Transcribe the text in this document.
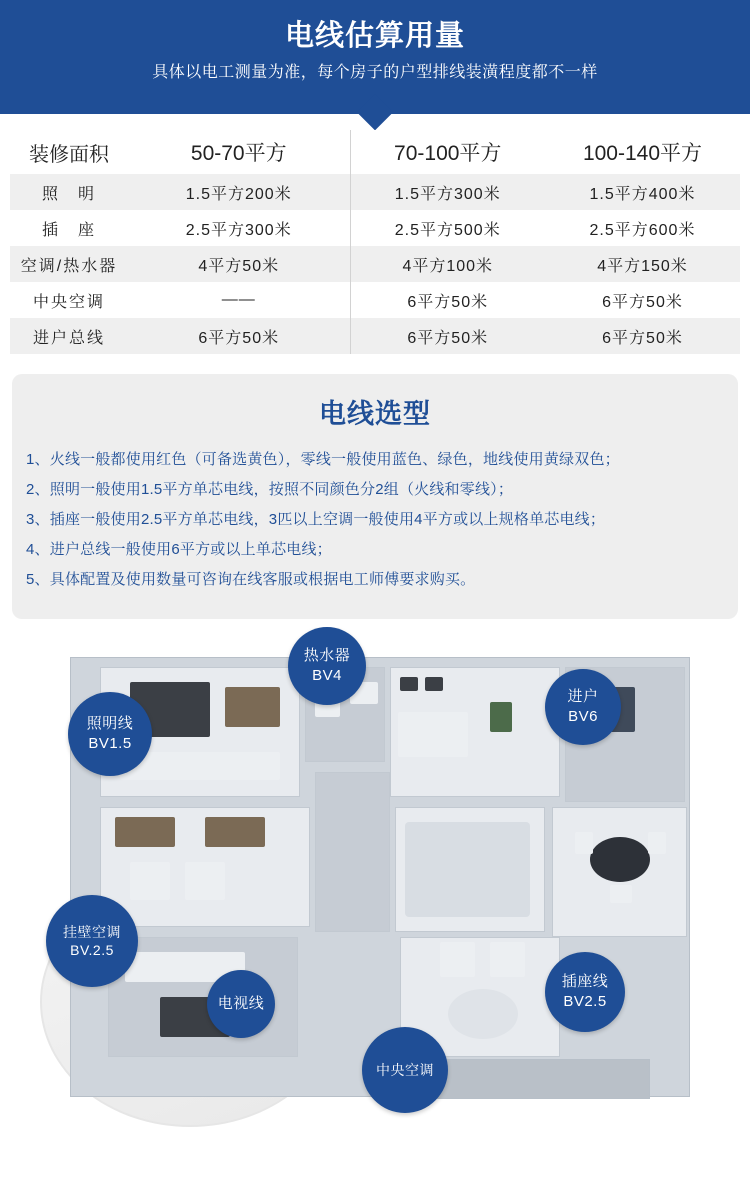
电线估算用量
具体以电工测量为准，每个房子的户型排线装潢程度都不一样
装修面积	50-70平方	70-100平方	100-140平方
照　明	1.5平方200米	1.5平方300米	1.5平方400米
插　座	2.5平方300米	2.5平方500米	2.5平方600米
空调/热水器	4平方50米	4平方100米	4平方150米
中央空调	——	6平方50米	6平方50米
进户总线	6平方50米	6平方50米	6平方50米
电线选型
1、火线一般都使用红色（可备选黄色），零线一般使用蓝色、绿色，地线使用黄绿双色；
2、照明一般使用1.5平方单芯电线，按照不同颜色分2组（火线和零线）；
3、插座一般使用2.5平方单芯电线，3匹以上空调一般使用4平方或以上规格单芯电线；
4、进户总线一般使用6平方或以上单芯电线；
5、具体配置及使用数量可咨询在线客服或根据电工师傅要求购买。
热水器
BV4
进户
BV6
照明线
BV1.5
挂壁空调
BV.2.5
插座线
BV2.5
电视线
中央空调
